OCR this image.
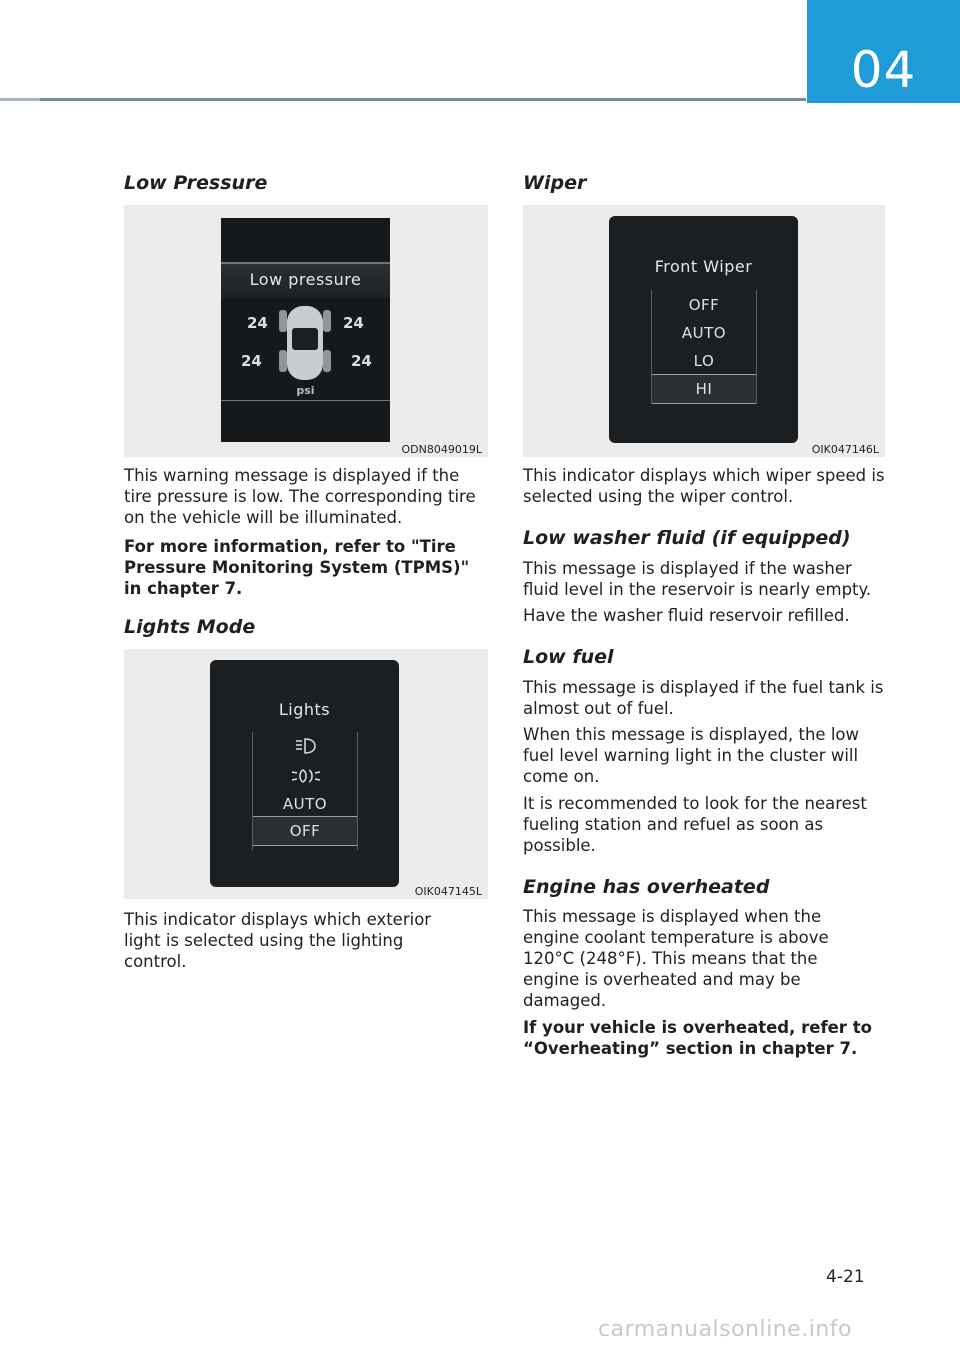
04
Low Pressure
Low pressure
24	24
24	24
psi
ODN8049019L

This warning message is displayed if the tire pressure is low. The corresponding tire on the vehicle will be illuminated.

For more information, refer to "Tire Pressure Monitoring System (TPMS)" in chapter 7.

Lights Mode
Lights
AUTO
OFF
OIK047145L

This indicator displays which exterior light is selected using the lighting control.

Wiper
Front Wiper
OFF
AUTO
LO
HI
OIK047146L

This indicator displays which wiper speed is selected using the wiper control.

Low washer fluid (if equipped)

This message is displayed if the washer fluid level in the reservoir is nearly empty.

Have the washer fluid reservoir refilled.

Low fuel

This message is displayed if the fuel tank is almost out of fuel.

When this message is displayed, the low fuel level warning light in the cluster will come on.

It is recommended to look for the nearest fueling station and refuel as soon as possible.

Engine has overheated

This message is displayed when the engine coolant temperature is above 120°C (248°F). This means that the engine is overheated and may be damaged.

If your vehicle is overheated, refer to “Overheating” section in chapter 7.

4-21
carmanualsonline.info
